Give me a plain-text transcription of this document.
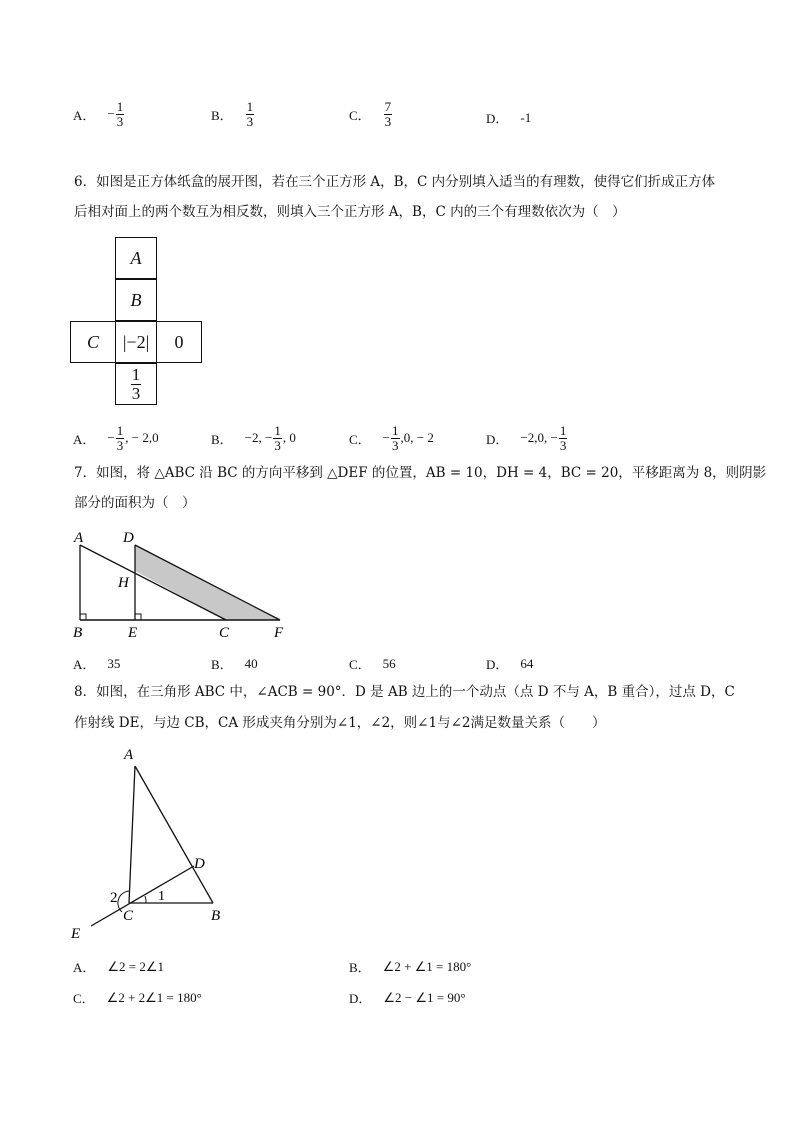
A． − $\frac{1}{3}$	B． $\frac{1}{3}$	C． $\frac{7}{3}$	D． -1
6．如图是正方体纸盒的展开图，若在三个正方形 A，B，C 内分别填入适当的有理数，使得它们折成正方体
后相对面上的两个数互为相反数，则填入三个正方形 A，B，C 内的三个有理数依次为（　）
A
B
C	|−2|	0
$\frac{1}{3}$
A． − $\frac{1}{3}$ , − 2,0	B． −2, − $\frac{1}{3}$ , 0	C． − $\frac{1}{3} ,0$, − 2	D． −2,0, − $\frac{1}{3}$
7．如图，将 △ABC 沿 BC 的方向平移到 △DEF 的位置，AB = 10，DH = 4，BC = 20，平移距离为 8，则阴影
部分的面积为（　）
A	D
H
B	E	C	F
A
D
C	B
E
1
2
A． 35	B． 40	C． 56	D． 64
8．如图，在三角形 ABC 中，∠ACB = 90°．D 是 AB 边上的一个动点（点 D 不与 A，B 重合），过点 D，C
作射线 DE，与边 CB，CA 形成夹角分别为∠1，∠2，则∠1与∠2满足数量关系（　　）
A． ∠2 = 2∠1	B． ∠2 + ∠1 = 180°
C． ∠2 + 2∠1 = 180°	D． ∠2 − ∠1 = 90°
